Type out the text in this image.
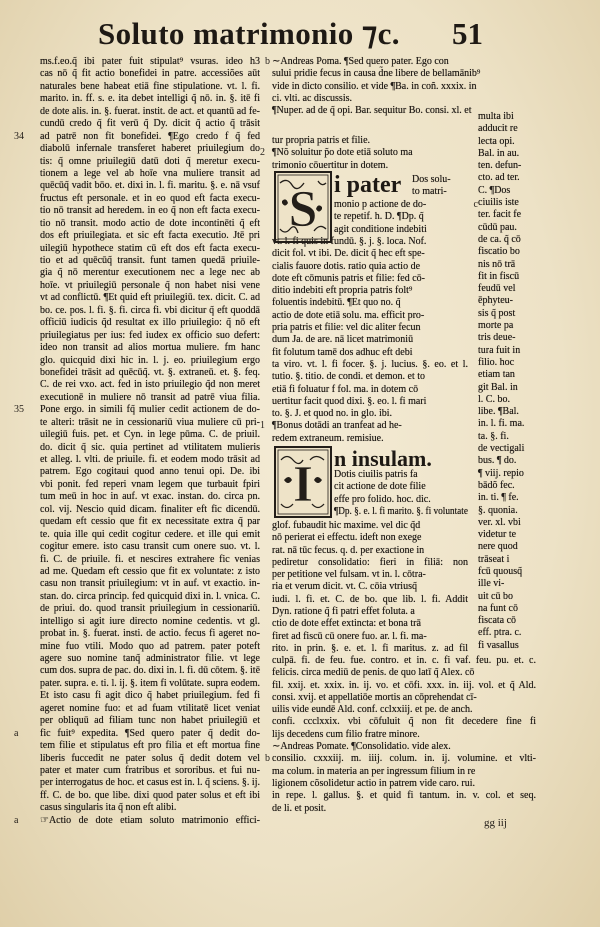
Soluto matrimonio ⁊c. 51
ms.f.eo.q̃ ibi pater fuit stipulat⁹ vsuras. ideo h3 b
cas nō q̃ fit actio bonefidei in patre. accessiões aūt
naturales bene habeat etiā fine stipulatione. vt. l. fi.
marito. in. ff. s. e. ita debet intelligi q̃ nō. in. §. itē fi
de dote alis. in. §. fuerat. instit. de act. et quantū ad fe-
cundū credo q̃ fit verū q̃ Dy. dicit q̃ actio q̃ trāsit
ad patrē non fit bonefidei. ¶Ego credo f q̃ fed
34
diabolū infernale transferet haberet priuilegium do
tis: q̃ omne priuilegiū datū doti q̃ meretur execu-
tionem a lege vel ab hoīe vna muliere transit ad
quēcūq̃ vadit bōo. et. dixi in. l. fi. maritu. §. e. nā vsuf
fructus eft personale. et in eo quod eft facta execu-
tio nō transit ad heredem. in eo q̃ non eft facta execu-
tio nō transit. modo actio de dote incontinēti q̃ eft
dos eft priuilegiata. et sic eft facta executio. Jtē pri
uilegiū hypothece statim cū eft dos eft facta execu-
tio et ad quēcūq̃ transit. funt tamen quedā priuile-
gia q̃ nō merentur executionem nec a lege nec ab
hoīe. vt priuilegiū personale q̃ non habet nisi vene
vt ad conflictū. ¶Et quid eft priuilegiū. tex. dicit. C. ad
bo. ce. pos. l. fi. §. fi. circa fi. vbi dicitur q̃ eft quoddā
officiū iudicis q̃d resultat ex illo priuilegio: q̃ nō eft
priuilegiatus per ius: fed iudex ex officio suo defert:
ideo non transit ad alios mortua muliere. fm hanc
glo. quicquid dixi hic in. l. j. eo. priuilegium ergo
bonefidei trāsit ad quēcūq̃. vt. §. extraneū. et. §. feq.
C. de rei vxo. act. fed in isto priuilegio q̃d non meret
executionē in muliere nō transit ad patrē viua filia.
Pone ergo. in simili fq̃ mulier cedit actionem de do-
35
te alteri: trāsit ne in cessionariū viua muliere cū pri-
uilegiū fuis. pet. et Cyn. in lege pūma. C. de priuil.
do. dicit q̃ sic. quia pertinet ad vtilitatem mulieris
et alleg. l. vlti. de priuile. fi. et eodem modo trāsit ad
patrem. Ego cogitaui quod anno tenui opi. De. ibi
vbi ponit. fed reperi vnam legem que turbauit fpiri
tum meū in hoc in auf. vt exac. instan. do. circa pn.
col. vij. Nescio quid dicam. finaliter eft fic dicendū.
quedam eft cessio que fit ex necessitate extra q̃ par
te. quia ille qui cedit cogitur cedere. et ille qui emit
cogitur emere. isto casu transit cum onere suo. vt. l.
fi. C. de priuile. fi. et nescires extrahere fic venias
ad me. Quedam eft cessio que fit ex voluntate: z isto
casu non transit priuilegium: vt in auf. vt exactio. in-
stan. do. circa princip. fed quicquid dixi in. l. vnica. C.
de priui. do. quod transit priuilegium in cessionariū.
intelligo si agit iure directo nomine cedentis. vt gl.
probat in. §. fuerat. insti. de actio. fecus fi ageret no-
mine fuo vtili. Modo quo ad patrem. pater poteft
agere suo nomine tanq̃ administrator filie. vt lege
cum dos. supra de pac. do. dixi in. l. fi. dū cōtem. §. itē
pater. supra. e. ti. l. ij. §. item fi volūtate. supra eodem.
Et isto casu fi agit dico q̃ habet priuilegium. fed fi
ageret nomine fuo: et ad fuam vtilitatē licet veniat
per obliquū ad filiam tunc non habet priuilegiū et
fic fuit⁹ expedita. ¶Sed quero pater q̃ dedit do-
a
tem filie et stipulatus eft pro filia et eft mortua fine
liberis fuccedit ne pater solus q̃ dedit dotem vel b
pater et mater cum fratribus et sororibus. et fui nu-
per interrogatus de hoc. et casus est in. l. q̃ sciens. §. ij.
ff. C. de bo. que libe. dixi quod pater solus et eft ibi
casus singularis ita q̃ non eft alibi.
☞Actio de dote etiam soluto matrimonio effici-
a
∼Andreas Poma. ¶Sed quero pater. Ego con
sului pridie fecus in causa d̃ne libere de bellamānib⁹
vide in dicto consilio. et vide ¶Ba. in coñ. xxxix. in
ci. vlti. ac discussis.
¶Nuper. ad de q̃ opi. Bar. sequitur Bo. consi. xl. et
tur propria patris et filie.
¶Nõ soluitur p̃o dote etiā soluto ma
2
trimonio cōuertitur in dotem.
S i pater Dos solu-
to matri-
monio p actione de do-	c
te repetif. h. D. ¶Dp. q̃
agit conditione indebiti
vt. l. fi quis in fundū. §. j. §. loca. Nof.
dicit fol. vt ibi. De. dicit q̃ hec eft spe-
cialis fauore dotis. ratio quia actio de
dote eft cōmunis patris et filie: fed cō-
ditio indebiti eft propria patris folt⁹
foluentis indebitū. ¶Et quo no. q̃
actio de dote etiā solu. ma. efficit pro-
pria patris et filie: vel dic aliter fecun
dum Ja. de are. nā licet matrimoniū
fit folutum tamē dos adhuc eft debi
ta viro. vt. l. fi focer. §. j. lucius. §. eo. et l.
tutio. §. titio. de condi. et demon. et to
etiā fi foluatur f fol. ma. in dotem cō
uertitur facit quod dixi. §. eo. l. fi mari
to. §. J. et quod no. in glo. ibi.
¶Bonus dotādi an tranfeat ad he-
1
redem extraneum. remisiue.
I n insulam.
Dotis ciuilis patris fa
cit actione de dote filie
effe pro folido. hoc. dic.
¶Dp. §. e. l. fi marito. §. fi voluntate
glof. fubaudit hic maxime. vel dic q̃d
nō perierat ei effectu. ideft non exege
rat. nā tūc fecus. q. d. per exactione in
pediretur consolidatio: fieri in filiā: non
per petitione vel fulsam. vt in. l. cōtra-
ria et verum dicit. vt. C. cōia vtriusq̃
iudi. l. fi. et. C. de bo. que lib. l. fi. Addit
Dyn. ratione q̃ fi patri effet foluta. a
ctio de dote effet extincta: et bona trā
firet ad fiscū cū onere fuo. ar. l. fi. ma-
rito. in prin. §. e. et. l. fi maritus. z. ad fil
culpā. fi. de feu. fue. contro. et in. c. fi vaf. feu. pu. et. c.
felicis. circa mediū de penis. de quo latī q̃ Alex. cō
fil. xxij. et. xxix. in. ij. vo. et cōfi. xxx. in. iij. vol. et q̃ Ald.
consi. xvij. et appellatiōe mortis an cōprehendat cī-
uilis vide eundē Ald. conf. cclxxiij. et pe. de anch.
confi. ccclxxix. vbi cōfuluit q̃ non fit decedere fine fi
lijs decedens cum filio fratre minore.
∼Andreas Pomate. ¶Consolidatio. vide alex.
consilio. cxxxiij. m. iiij. colum. in. ij. volumine. et vlti-
ma colum. in materia an per ingressum filium in re
ligionem cõsolidetur actio in patrem vide caro. rui.
in repe. l. gallus. §. et quid fi tantum. in. v. col. et seq.
de li. et posit.
multa ibi
adducit re
lecta opi.
Bal. in au.
ten. defun-
cto. ad ter.
C. ¶Dos
ciuilis iste
ter. facit fe
cūdū pau.
de ca. q̃ cō
fiscatio bo
nis nō trā
fit in fiscū
feudū vel
ēphyteu-
sis q̃ post
morte pa
tris deue-
tura fuit in
filio. hoc
etiam tan
git Bal. in
l. C. bo.
libe. ¶Bal.
in. l. fi. ma.
ta. §. fi.
de vectigali
bus. ¶ do.
¶ viij. repio
bādõ fec.
in. ti. ¶ fe.
§. quonia.
ver. xl. vbi
videtur te
nere quod
trāseat i
fcū quousq̃
ille vi-
uit cū bo
na funt cō
fiscata cō
eff. ptra. c.
fi vasallus
gg iij
